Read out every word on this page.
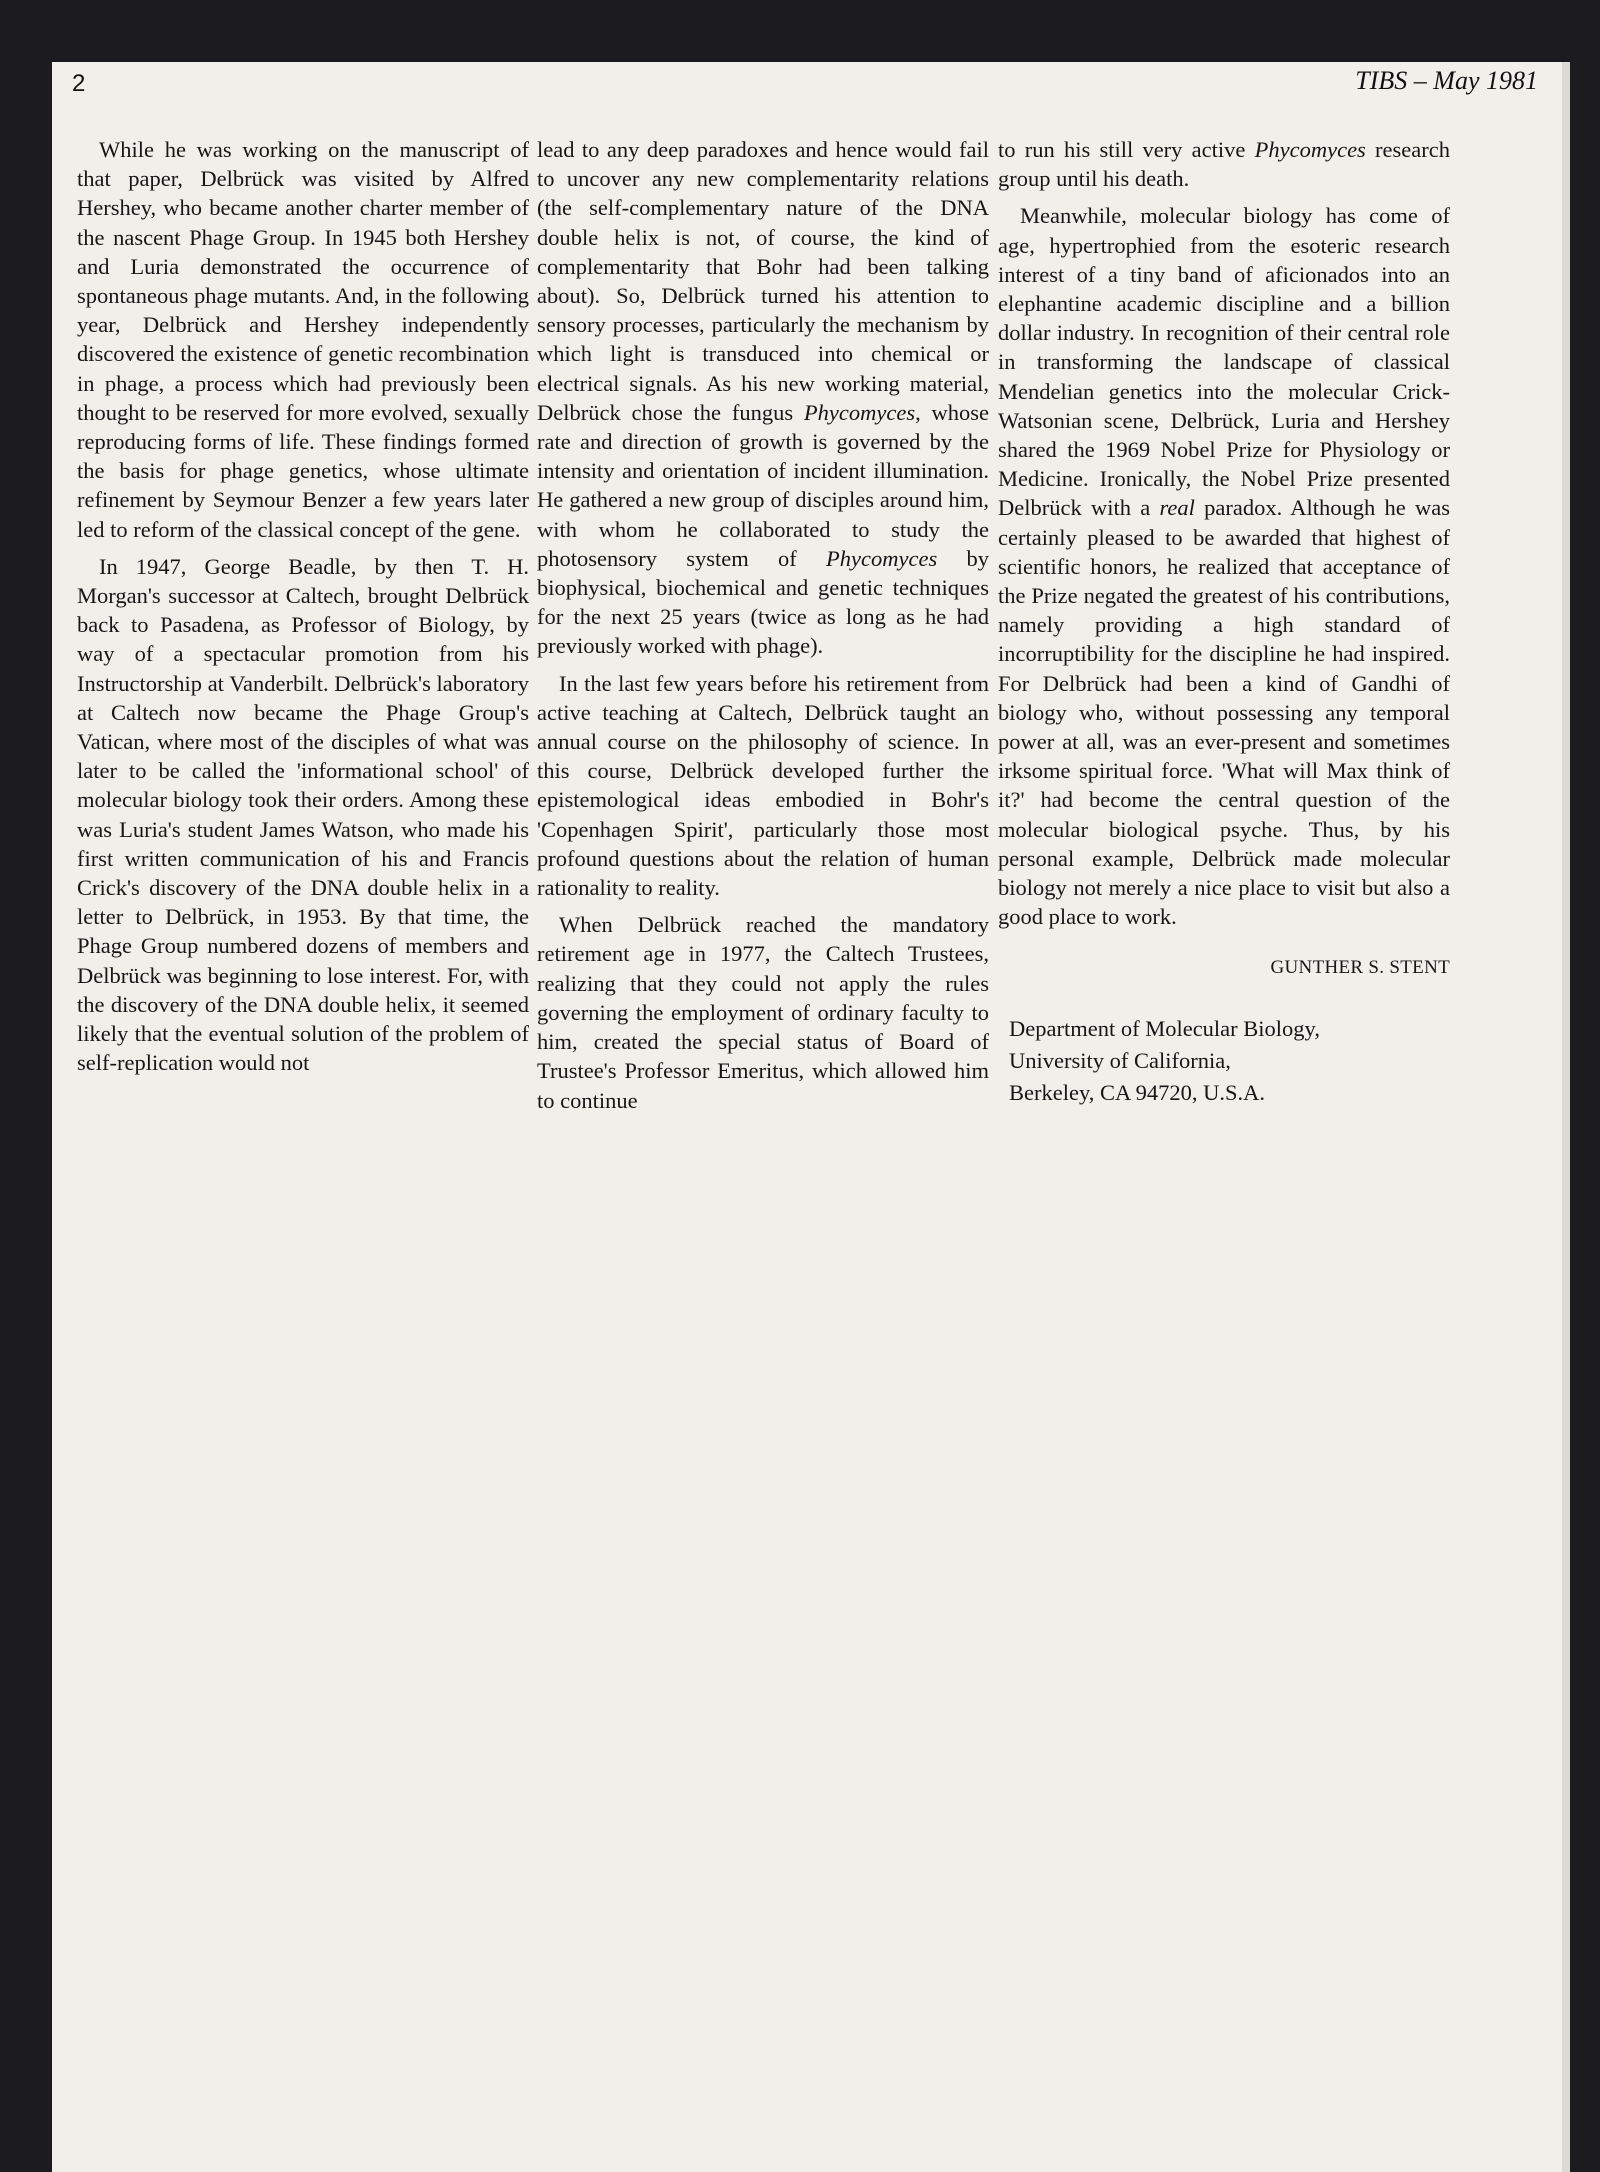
2	TIBS – May 1981

While he was working on the manuscript of that paper, Delbrück was visited by Alfred Hershey, who became another charter member of the nascent Phage Group. In 1945 both Hershey and Luria demonstrated the occurrence of spontaneous phage mutants. And, in the following year, Delbrück and Hershey independently discovered the existence of genetic recombination in phage, a process which had previously been thought to be reserved for more evolved, sexually reproducing forms of life. These findings formed the basis for phage genetics, whose ultimate refinement by Seymour Benzer a few years later led to reform of the classical concept of the gene.

In 1947, George Beadle, by then T. H. Morgan's successor at Caltech, brought Delbrück back to Pasadena, as Professor of Biology, by way of a spectacular promotion from his Instructorship at Vanderbilt. Delbrück's laboratory at Caltech now became the Phage Group's Vatican, where most of the disciples of what was later to be called the 'informational school' of molecular biology took their orders. Among these was Luria's student James Watson, who made his first written communication of his and Francis Crick's discovery of the DNA double helix in a letter to Delbrück, in 1953. By that time, the Phage Group numbered dozens of members and Delbrück was beginning to lose interest. For, with the discovery of the DNA double helix, it seemed likely that the eventual solution of the problem of self-replication would not

lead to any deep paradoxes and hence would fail to uncover any new complementarity relations (the self-complementary nature of the DNA double helix is not, of course, the kind of complementarity that Bohr had been talking about). So, Delbrück turned his attention to sensory processes, particularly the mechanism by which light is transduced into chemical or electrical signals. As his new working material, Delbrück chose the fungus Phycomyces, whose rate and direction of growth is governed by the intensity and orientation of incident illumination. He gathered a new group of disciples around him, with whom he collaborated to study the photosensory system of Phycomyces by biophysical, biochemical and genetic techniques for the next 25 years (twice as long as he had previously worked with phage).

In the last few years before his retirement from active teaching at Caltech, Delbrück taught an annual course on the philosophy of science. In this course, Delbrück developed further the epistemological ideas embodied in Bohr's 'Copenhagen Spirit', particularly those most profound questions about the relation of human rationality to reality.

When Delbrück reached the mandatory retirement age in 1977, the Caltech Trustees, realizing that they could not apply the rules governing the employment of ordinary faculty to him, created the special status of Board of Trustee's Professor Emeritus, which allowed him to continue

to run his still very active Phycomyces research group until his death.

Meanwhile, molecular biology has come of age, hypertrophied from the esoteric research interest of a tiny band of aficionados into an elephantine academic discipline and a billion dollar industry. In recognition of their central role in transforming the landscape of classical Mendelian genetics into the molecular Crick-Watsonian scene, Delbrück, Luria and Hershey shared the 1969 Nobel Prize for Physiology or Medicine. Ironically, the Nobel Prize presented Delbrück with a real paradox. Although he was certainly pleased to be awarded that highest of scientific honors, he realized that acceptance of the Prize negated the greatest of his contributions, namely providing a high standard of incorruptibility for the discipline he had inspired. For Delbrück had been a kind of Gandhi of biology who, without possessing any temporal power at all, was an ever-present and sometimes irksome spiritual force. 'What will Max think of it?' had become the central question of the molecular biological psyche. Thus, by his personal example, Delbrück made molecular biology not merely a nice place to visit but also a good place to work.

GUNTHER S. STENT
Department of Molecular Biology,
University of California,
Berkeley, CA 94720, U.S.A.
